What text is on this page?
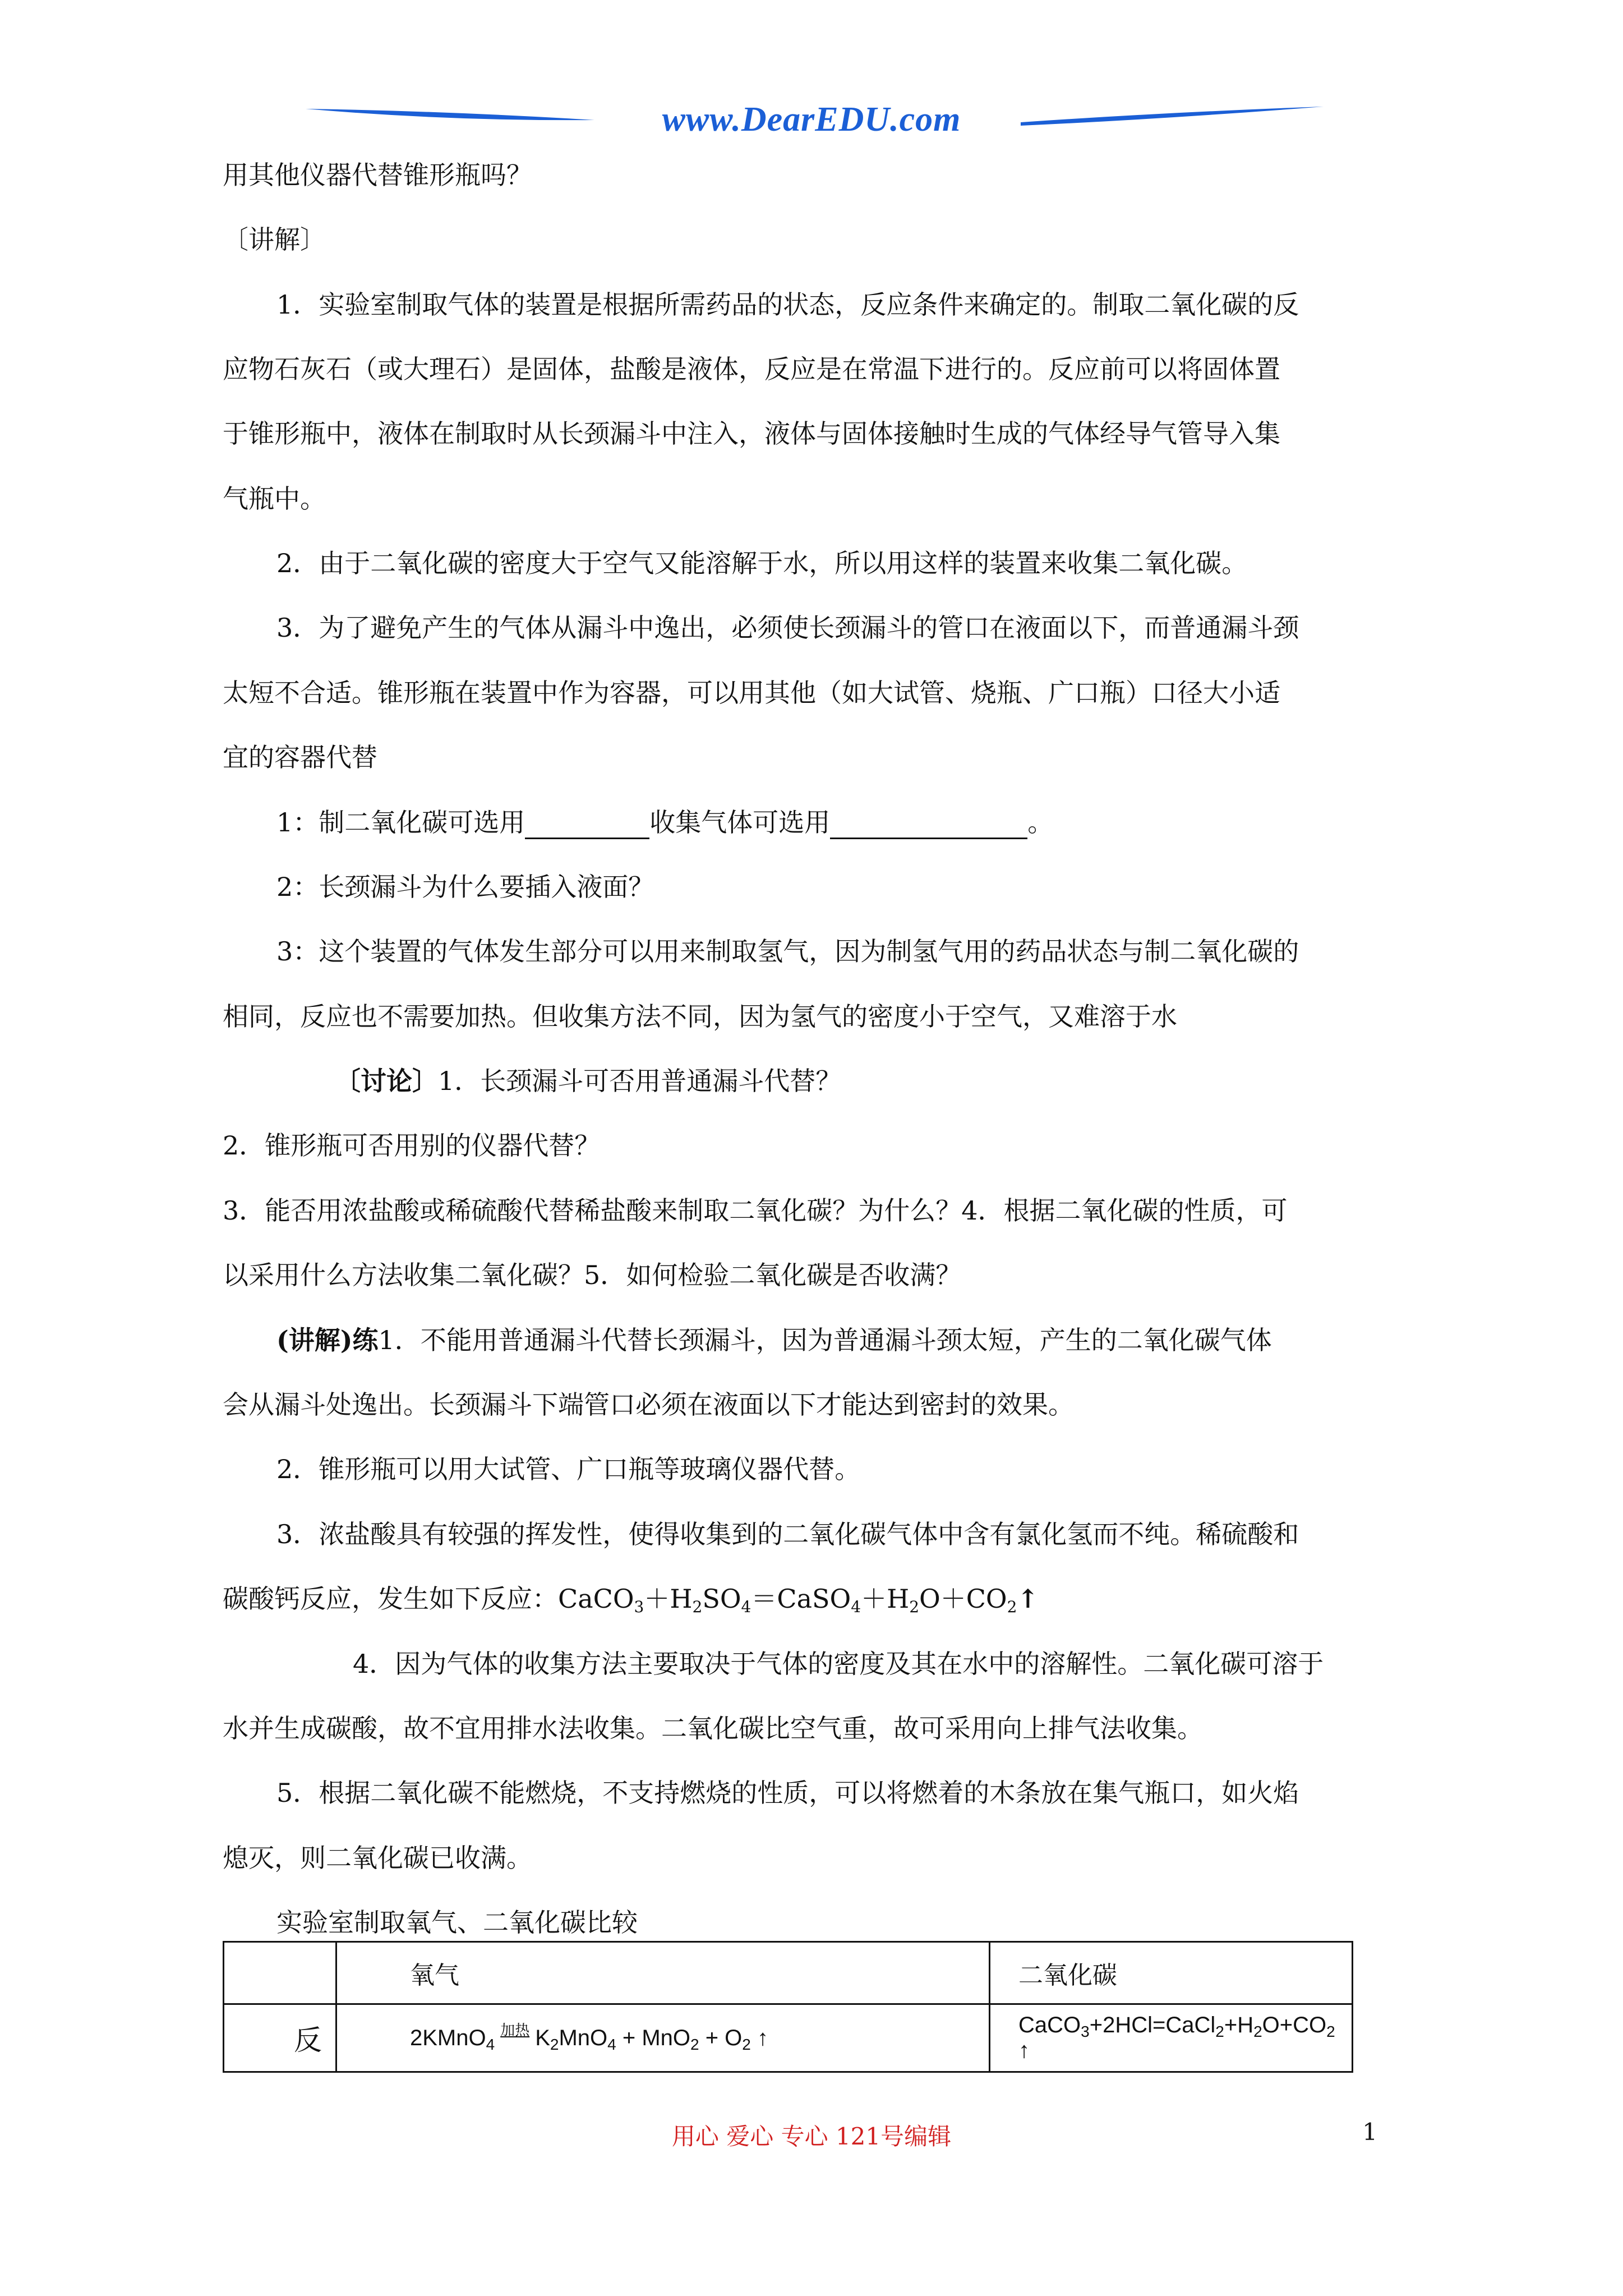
www.DearEDU.com
用其他仪器代替锥形瓶吗？
〔讲解〕
1．实验室制取气体的装置是根据所需药品的状态，反应条件来确定的。制取二氧化碳的反
应物石灰石（或大理石）是固体，盐酸是液体，反应是在常温下进行的。反应前可以将固体置
于锥形瓶中，液体在制取时从长颈漏斗中注入，液体与固体接触时生成的气体经导气管导入集
气瓶中。
2．由于二氧化碳的密度大于空气又能溶解于水，所以用这样的装置来收集二氧化碳。
3．为了避免产生的气体从漏斗中逸出，必须使长颈漏斗的管口在液面以下，而普通漏斗颈
太短不合适。锥形瓶在装置中作为容器，可以用其他（如大试管、烧瓶、广口瓶）口径大小适
宜的容器代替
1：制二氧化碳可选用	收集气体可选用	。
2：长颈漏斗为什么要插入液面？
3：这个装置的气体发生部分可以用来制取氢气，因为制氢气用的药品状态与制二氧化碳的
相同，反应也不需要加热。但收集方法不同，因为氢气的密度小于空气，又难溶于水
〔讨论〕1．长颈漏斗可否用普通漏斗代替？
2．锥形瓶可否用别的仪器代替？
3．能否用浓盐酸或稀硫酸代替稀盐酸来制取二氧化碳？为什么？4．根据二氧化碳的性质，可
以采用什么方法收集二氧化碳？5．如何检验二氧化碳是否收满？
(讲解)练1．不能用普通漏斗代替长颈漏斗，因为普通漏斗颈太短，产生的二氧化碳气体
会从漏斗处逸出。长颈漏斗下端管口必须在液面以下才能达到密封的效果。
2．锥形瓶可以用大试管、广口瓶等玻璃仪器代替。
3．浓盐酸具有较强的挥发性，使得收集到的二氧化碳气体中含有氯化氢而不纯。稀硫酸和
碳酸钙反应，发生如下反应：$CaCO_3+H_2SO_4=CaSO_4+H_2O+CO_2↑$
4．因为气体的收集方法主要取决于气体的密度及其在水中的溶解性。二氧化碳可溶于
水并生成碳酸，故不宜用排水法收集。二氧化碳比空气重，故可采用向上排气法收集。
5．根据二氧化碳不能燃烧，不支持燃烧的性质，可以将燃着的木条放在集气瓶口，如火焰
熄灭，则二氧化碳已收满。
实验室制取氧气、二氧化碳比较
	氧气	二氧化碳
反	2KMnO$_4^{加热}$ $K_2MnO_4 + MnO_2 + O_2$ ↑	$CaCO_3+2HCl=CaCl_2+H_2O+CO_2↑$
用心 爱心 专心 121号编辑	1
